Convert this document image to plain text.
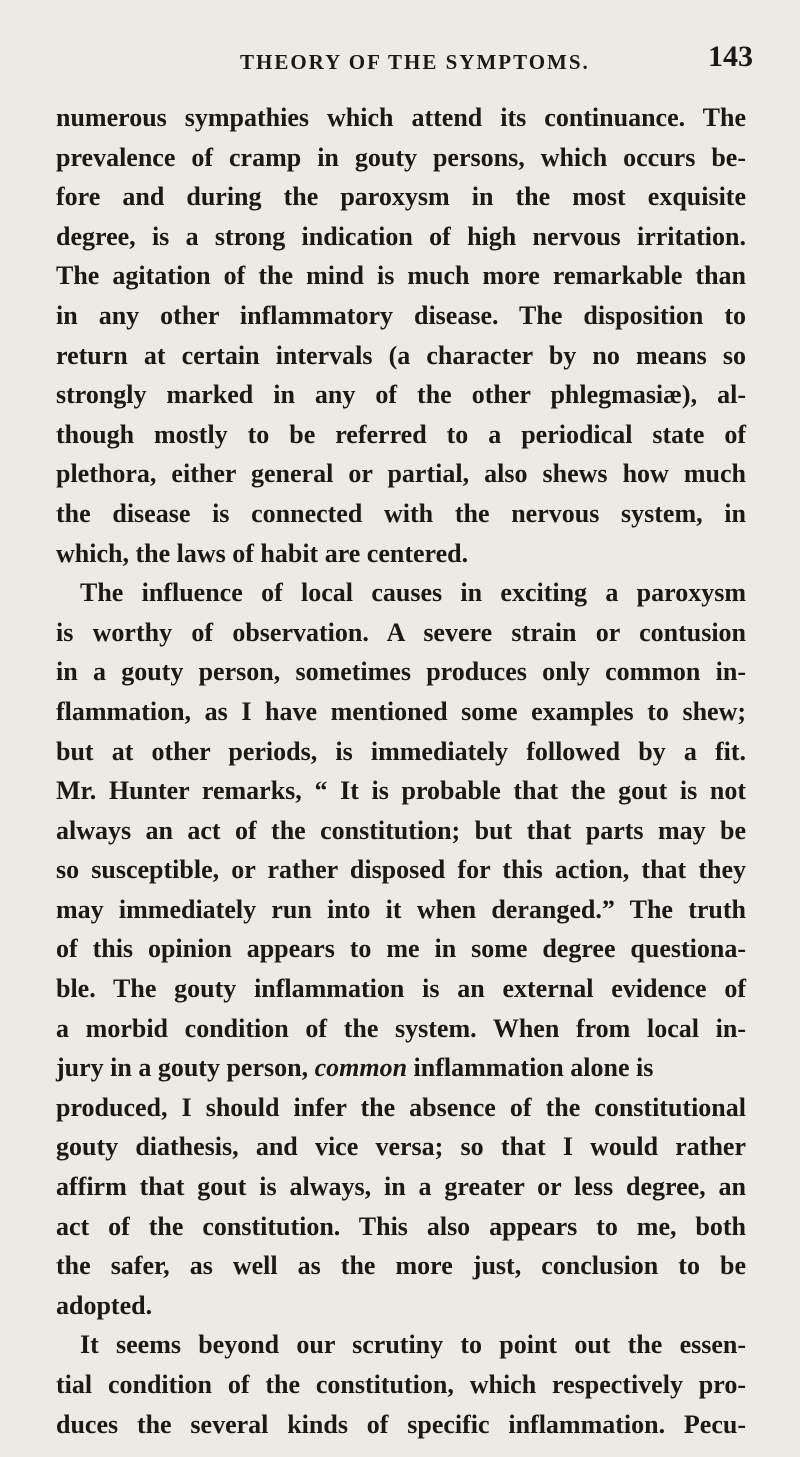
THEORY OF THE SYMPTOMS.	143
numerous sympathies which attend its continuance. The
prevalence of cramp in gouty persons, which occurs be-
fore and during the paroxysm in the most exquisite
degree, is a strong indication of high nervous irritation.
The agitation of the mind is much more remarkable than
in any other inflammatory disease. The disposition to
return at certain intervals (a character by no means so
strongly marked in any of the other phlegmasiæ), al-
though mostly to be referred to a periodical state of
plethora, either general or partial, also shews how much
the disease is connected with the nervous system, in
which, the laws of habit are centered.
The influence of local causes in exciting a paroxysm
is worthy of observation. A severe strain or contusion
in a gouty person, sometimes produces only common in-
flammation, as I have mentioned some examples to shew;
but at other periods, is immediately followed by a fit.
Mr. Hunter remarks, “ It is probable that the gout is not
always an act of the constitution; but that parts may be
so susceptible, or rather disposed for this action, that they
may immediately run into it when deranged.” The truth
of this opinion appears to me in some degree questiona-
ble. The gouty inflammation is an external evidence of
a morbid condition of the system. When from local in-
jury in a gouty person, common inflammation alone is
produced, I should infer the absence of the constitutional
gouty diathesis, and vice versa; so that I would rather
affirm that gout is always, in a greater or less degree, an
act of the constitution. This also appears to me, both
the safer, as well as the more just, conclusion to be
adopted.
It seems beyond our scrutiny to point out the essen-
tial condition of the constitution, which respectively pro-
duces the several kinds of specific inflammation. Pecu-
